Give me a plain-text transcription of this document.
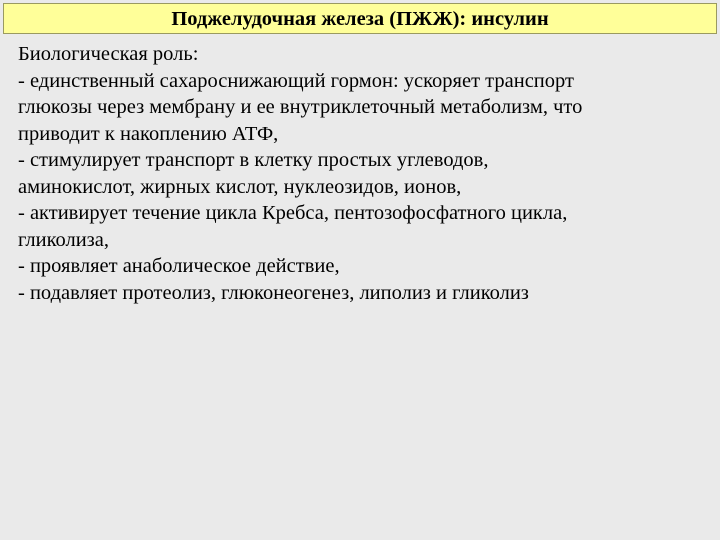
Поджелудочная железа (ПЖЖ): инсулин
Биологическая роль:
- единственный сахароснижающий гормон: ускоряет транспорт
глюкозы через мембрану и ее внутриклеточный метаболизм, что
приводит к накоплению АТФ,
- стимулирует транспорт в клетку простых углеводов,
аминокислот, жирных кислот, нуклеозидов, ионов,
- активирует течение цикла Кребса, пентозофосфатного цикла,
гликолиза,
- проявляет анаболическое действие,
- подавляет протеолиз, глюконеогенез, липолиз и гликолиз
